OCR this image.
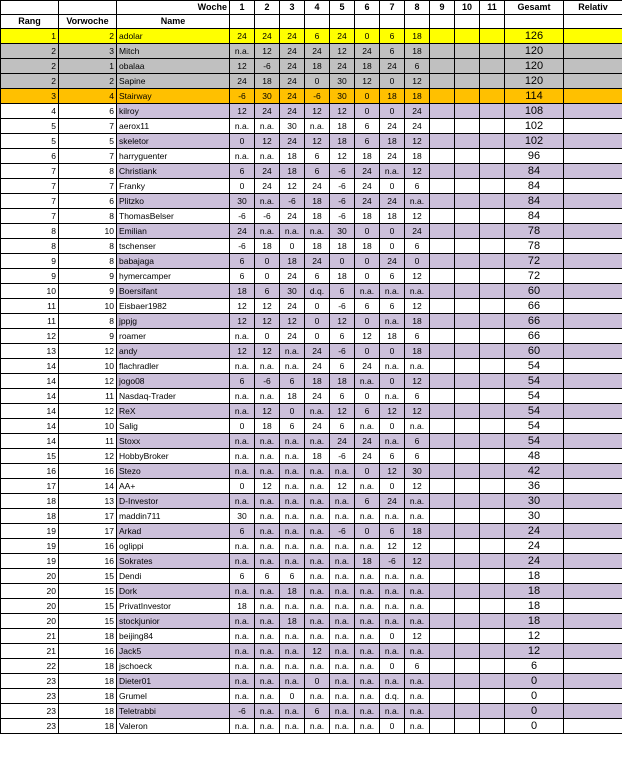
		Woche	1	2	3	4	5	6	7	8	9	10	11	Gesamt	Relativ
Rang	Vorwoche	Name													
1	2	adolar	24	24	24	6	24	0	6	18				126	
2	3	Mitch	n.a.	12	24	24	12	24	6	18				120	
2	1	obalaa	12	-6	24	18	24	18	24	6				120	
2	2	Sapine	24	18	24	0	30	12	0	12				120	
3	4	Stairway	-6	30	24	-6	30	0	18	18				114	
4	6	kilroy	12	24	24	12	12	0	0	24				108	
5	7	aerox11	n.a.	n.a.	30	n.a.	18	6	24	24				102	
5	5	skeletor	0	12	24	12	18	6	18	12				102	
6	7	harryguenter	n.a.	n.a.	18	6	12	18	24	18				96	
7	8	Christiank	6	24	18	6	-6	24	n.a.	12				84	
7	7	Franky	0	24	12	24	-6	24	0	6				84	
7	6	Plitzko	30	n.a.	-6	18	-6	24	24	n.a.				84	
7	8	ThomasBelser	-6	-6	24	18	-6	18	18	12				84	
8	10	Emilian	24	n.a.	n.a.	n.a.	30	0	0	24				78	
8	8	tschenser	-6	18	0	18	18	18	0	6				78	
9	8	babajaga	6	0	18	24	0	0	24	0				72	
9	9	hymercamper	6	0	24	6	18	0	6	12				72	
10	9	Boersifant	18	6	30	d.q.	6	n.a.	n.a.	n.a.				60	
11	10	Eisbaer1982	12	12	24	0	-6	6	6	12				66	
11	8	jppjg	12	12	12	0	12	0	n.a.	18				66	
12	9	roamer	n.a.	0	24	0	6	12	18	6				66	
13	12	andy	12	12	n.a.	24	-6	0	0	18				60	
14	10	flachradler	n.a.	n.a.	n.a.	24	6	24	n.a.	n.a.				54	
14	12	jogo08	6	-6	6	18	18	n.a.	0	12				54	
14	11	Nasdaq-Trader	n.a.	n.a.	18	24	6	0	n.a.	6				54	
14	12	ReX	n.a.	12	0	n.a.	12	6	12	12				54	
14	10	Salig	0	18	6	24	6	n.a.	0	n.a.				54	
14	11	Stoxx	n.a.	n.a.	n.a.	n.a.	24	24	n.a.	6				54	
15	12	HobbyBroker	n.a.	n.a.	n.a.	18	-6	24	6	6				48	
16	16	Stezo	n.a.	n.a.	n.a.	n.a.	n.a.	0	12	30				42	
17	14	AA+	0	12	n.a.	n.a.	12	n.a.	0	12				36	
18	13	D-Investor	n.a.	n.a.	n.a.	n.a.	n.a.	6	24	n.a.				30	
18	17	maddin711	30	n.a.	n.a.	n.a.	n.a.	n.a.	n.a.	n.a.				30	
19	17	Arkad	6	n.a.	n.a.	n.a.	-6	0	6	18				24	
19	16	oglippi	n.a.	n.a.	n.a.	n.a.	n.a.	n.a.	12	12				24	
19	16	Sokrates	n.a.	n.a.	n.a.	n.a.	n.a.	18	-6	12				24	
20	15	Dendi	6	6	6	n.a.	n.a.	n.a.	n.a.	n.a.				18	
20	15	Dork	n.a.	n.a.	18	n.a.	n.a.	n.a.	n.a.	n.a.				18	
20	15	PrivatInvestor	18	n.a.	n.a.	n.a.	n.a.	n.a.	n.a.	n.a.				18	
20	15	stockjunior	n.a.	n.a.	18	n.a.	n.a.	n.a.	n.a.	n.a.				18	
21	18	beijing84	n.a.	n.a.	n.a.	n.a.	n.a.	n.a.	0	12				12	
21	16	Jack5	n.a.	n.a.	n.a.	12	n.a.	n.a.	n.a.	n.a.				12	
22	18	jschoeck	n.a.	n.a.	n.a.	n.a.	n.a.	n.a.	0	6				6	
23	18	Dieter01	n.a.	n.a.	n.a.	0	n.a.	n.a.	n.a.	n.a.				0	
23	18	Grumel	n.a.	n.a.	0	n.a.	n.a.	n.a.	d.q.	n.a.				0	
23	18	Teletrabbi	-6	n.a.	n.a.	6	n.a.	n.a.	n.a.	n.a.				0	
23	18	Valeron	n.a.	n.a.	n.a.	n.a.	n.a.	n.a.	0	n.a.				0	
